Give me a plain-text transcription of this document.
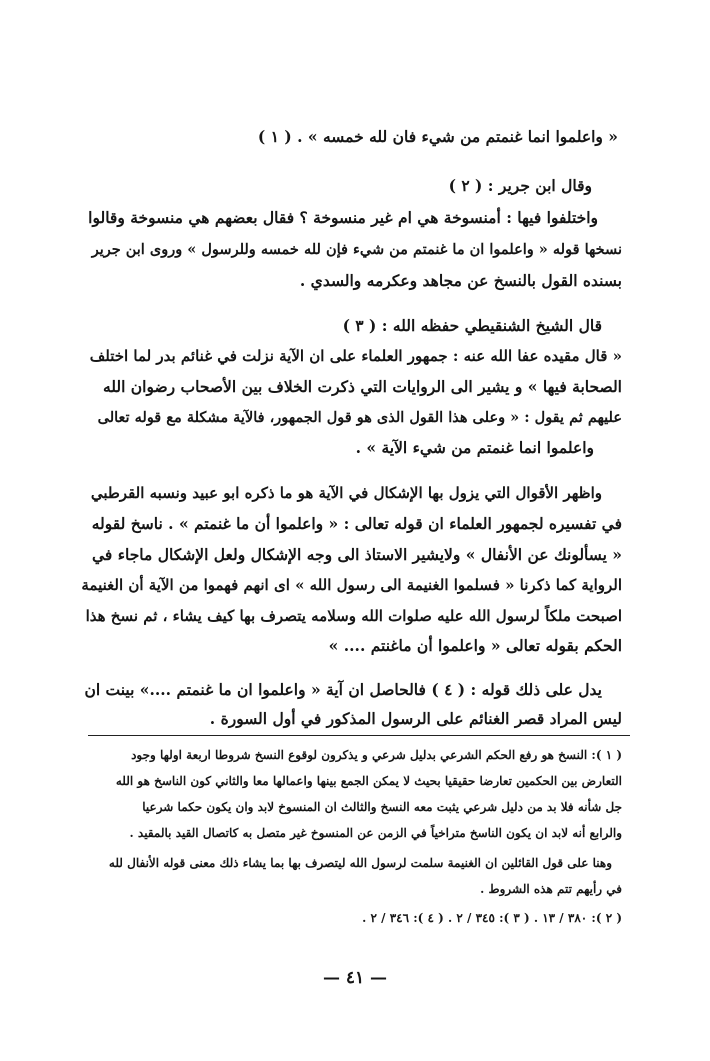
« واعلموا انما غنمتم من شيء فان لله خمسه » . ( ١ )
وقال ابن جرير : ( ٢ )
واختلفوا فيها : أمنسوخة هي ام غير منسوخة ؟ فقال بعضهم هي منسوخة وقالوا
نسخها قوله « واعلموا ان ما غنمتم من شيء فإن لله خمسه وللرسول » وروى ابن جرير
بسنده القول بالنسخ عن مجاهد وعكرمه والسدي .
قال الشيخ الشنقيطي حفظه الله : ( ٣ )
« قال مقيده عفا الله عنه : جمهور العلماء على ان الآية نزلت في غنائم بدر لما اختلف
الصحابة فيها » و يشير الى الروايات التي ذكرت الخلاف بين الأصحاب رضوان الله
عليهم ثم يقول : « وعلى هذا القول الذى هو قول الجمهور، فالآية مشكلة مع قوله تعالى
واعلموا انما غنمتم من شيء الآية » .
واظهر الأقوال التي يزول بها الإشكال في الآية هو ما ذكره ابو عبيد ونسبه القرطبي
في تفسيره لجمهور العلماء ان قوله تعالى : « واعلموا أن ما غنمتم » . ناسخ لقوله
« يسألونك عن الأنفال » ولايشير الاستاذ الى وجه الإشكال ولعل الإشكال ماجاء في
الرواية كما ذكرنا « فسلموا الغنيمة الى رسول الله » اى انهم فهموا من الآية أن الغنيمة
اصبحت ملكاً لرسول الله عليه صلوات الله وسلامه يتصرف بها كيف يشاء ، ثم نسخ هذا
الحكم بقوله تعالى « واعلموا أن ماغنتم .... »
يدل على ذلك قوله : ( ٤ ) فالحاصل ان آية « واعلموا ان ما غنمتم ....» بينت ان
ليس المراد قصر الغنائم على الرسول المذكور في أول السورة .
( ١ ): النسخ هو رفع الحكم الشرعي بدليل شرعي و يذكرون لوقوع النسخ شروطا اربعة اولها وجود
التعارض بين الحكمين تعارضا حقيقيا بحيث لا يمكن الجمع بينها واعمالها معا والثاني كون الناسخ هو الله
جل شأنه فلا بد من دليل شرعي يثبت معه النسخ والثالث ان المنسوخ لابد وان يكون حكما شرعيا
والرابع أنه لابد ان يكون الناسخ متراخياً في الزمن عن المنسوخ غير متصل به كاتصال القيد بالمقيد .
وهنا على قول القائلين ان الغنيمة سلمت لرسول الله ليتصرف بها بما يشاء ذلك معنى قوله الأنفال لله
في رأيهم تتم هذه الشروط .
( ٢ ): ٣٨٠ / ١٣ . ( ٣ ): ٣٤٥ / ٢ . ( ٤ ): ٣٤٦ / ٢ .
— ٤١ —
